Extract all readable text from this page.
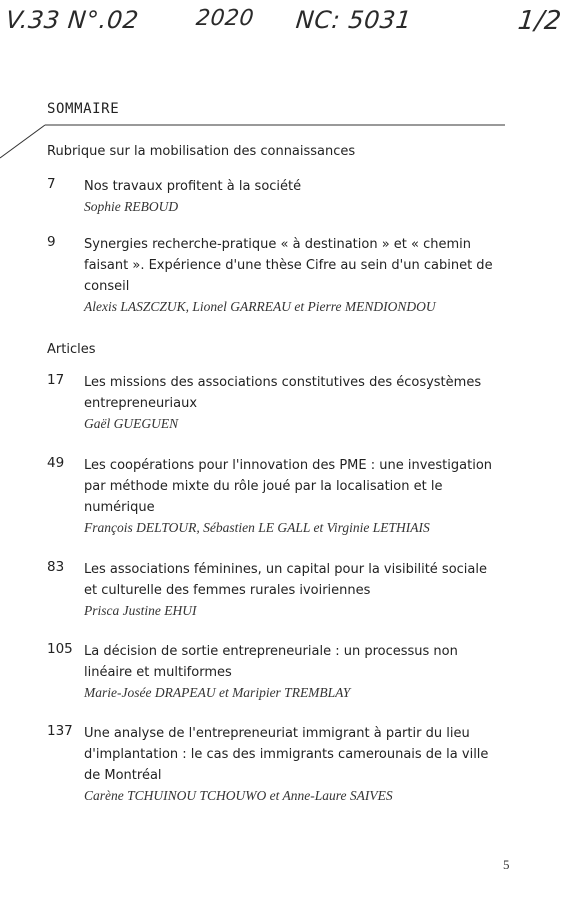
V.33 N°.02 2020 NC: 5031	1/2
SOMMAIRE
Rubrique sur la mobilisation des connaissances
7	Nos travaux profitent à la société
Sophie REBOUD
9	Synergies recherche-pratique « à destination » et « chemin faisant ». Expérience d'une thèse Cifre au sein d'un cabinet de conseil
Alexis LASZCZUK, Lionel GARREAU et Pierre MENDIONDOU
Articles
17	Les missions des associations constitutives des écosystèmes entrepreneuriaux
Gaël GUEGUEN
49	Les coopérations pour l'innovation des PME : une investigation par méthode mixte du rôle joué par la localisation et le numérique
François DELTOUR, Sébastien LE GALL et Virginie LETHIAIS
83	Les associations féminines, un capital pour la visibilité sociale et culturelle des femmes rurales ivoiriennes
Prisca Justine EHUI
105 La décision de sortie entrepreneuriale : un processus non linéaire et multiformes
Marie-Josée DRAPEAU et Maripier TREMBLAY
137 Une analyse de l'entrepreneuriat immigrant à partir du lieu d'implantation : le cas des immigrants camerounais de la ville de Montréal
Carène TCHUINOU TCHOUWO et Anne-Laure SAIVES
5
